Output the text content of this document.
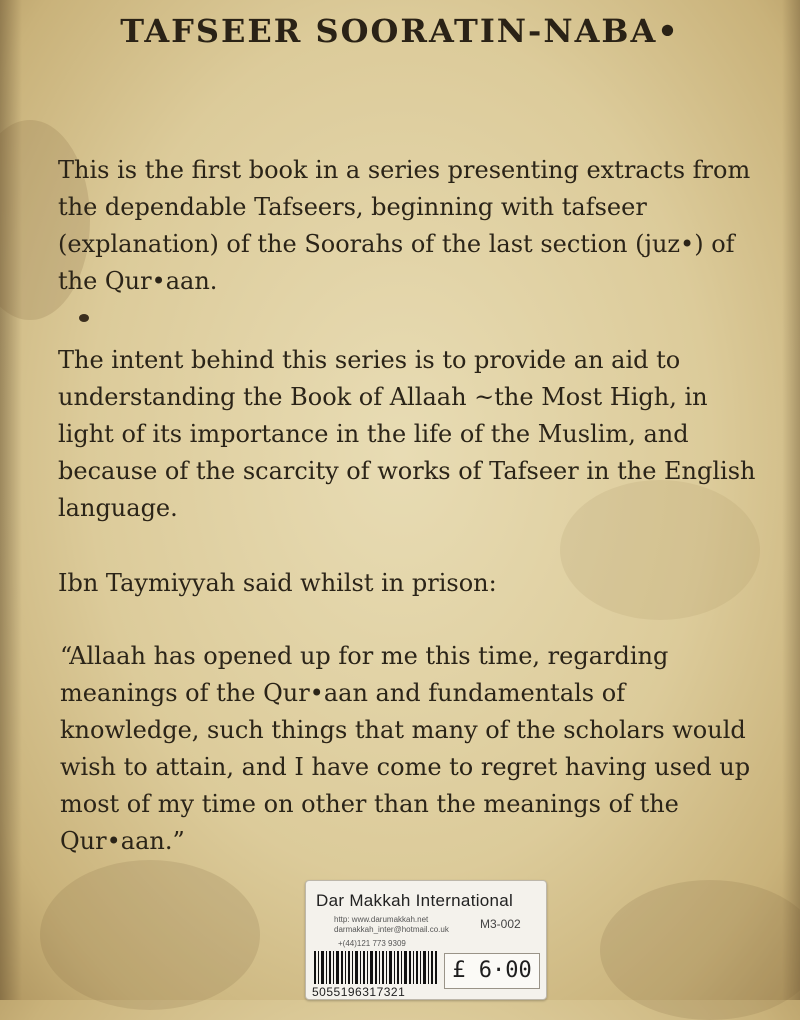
TAFSEER SOORATIN-NABA•
This is the first book in a series presenting extracts from the dependable Tafseers, beginning with tafseer (explanation) of the Soorahs of the last section (juz•) of the Qur•aan.
The intent behind this series is to provide an aid to understanding the Book of Allaah ~the Most High, in light of its importance in the life of the Muslim, and because of the scarcity of works of Tafseer in the English language.
Ibn Taymiyyah said whilst in prison:
“Allaah has opened up for me this time, regarding meanings of the Qur•aan and fundamentals of knowledge, such things that many of the scholars would wish to attain, and I have come to regret having used up most of my time on other than the meanings of the Qur•aan.”
Dar Makkah International
http: www.darumakkah.net
darmakkah_inter@hotmail.co.uk
+(44)121 773 9309
M3-002
5055196317321
£ 6·00
